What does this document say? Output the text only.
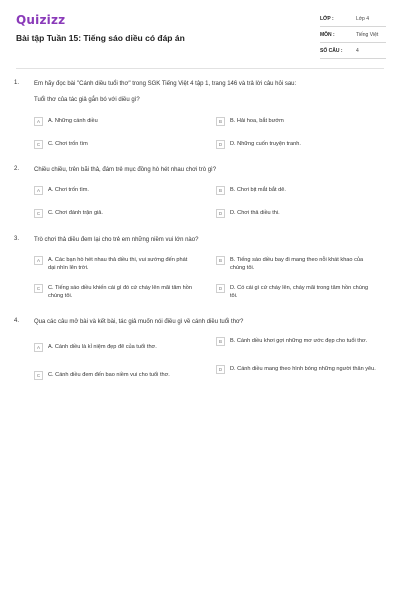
Quizizz
Bài tập Tuần 15: Tiếng sáo diều có đáp án
LỚP :	Lớp 4
MÔN :	Tiếng Việt
SỐ CÂU :	4
1. Em hãy đọc bài "Cánh diều tuổi thơ" trong SGK Tiếng Việt 4 tập 1, trang 146 và trả lời câu hỏi sau:
Tuổi thơ của tác giả gắn bó với diều gì?
A	A. Những cánh diều	B	B. Hải hoa, bắt bướm
C	C. Chơi trốn tìm	D	D. Những cuốn truyện tranh.
2. Chiều chiều, trên bãi thả, đám trẻ mục đồng hò hét nhau chơi trò gì?
A	A. Chơi trốn tìm.	B	B. Chơi bịt mắt bắt dê.
C	C. Chơi đánh trận giả.	D	D. Chơi thả diều thi.
3. Trò chơi thả diều đem lại cho trẻ em những niềm vui lớn nào?
A	A. Các bạn hò hét nhau thả diều thi, vui sướng đến phát dại nhìn lên trời.
B	B. Tiếng sáo diều bay đi mang theo nỗi khát khao của chúng tôi.
C	C. Tiếng sáo diều khiến cái gì đó cứ cháy lên mãi tâm hồn chúng tôi.
D	D. Có cái gì cứ cháy lên, cháy mãi trong tâm hồn chúng tôi.
4. Qua các câu mở bài và kết bài, tác giả muốn nói điều gì về cánh diều tuổi thơ?
A	A. Cánh diều là kỉ niệm đẹp đẽ của tuổi thơ.
B	B. Cánh diều khơi gợi những mơ ước đẹp cho tuổi thơ.
C	C. Cánh diều đem đến bao niềm vui cho tuổi thơ.
D	D. Cánh diều mang theo hình bóng những người thân yêu.
